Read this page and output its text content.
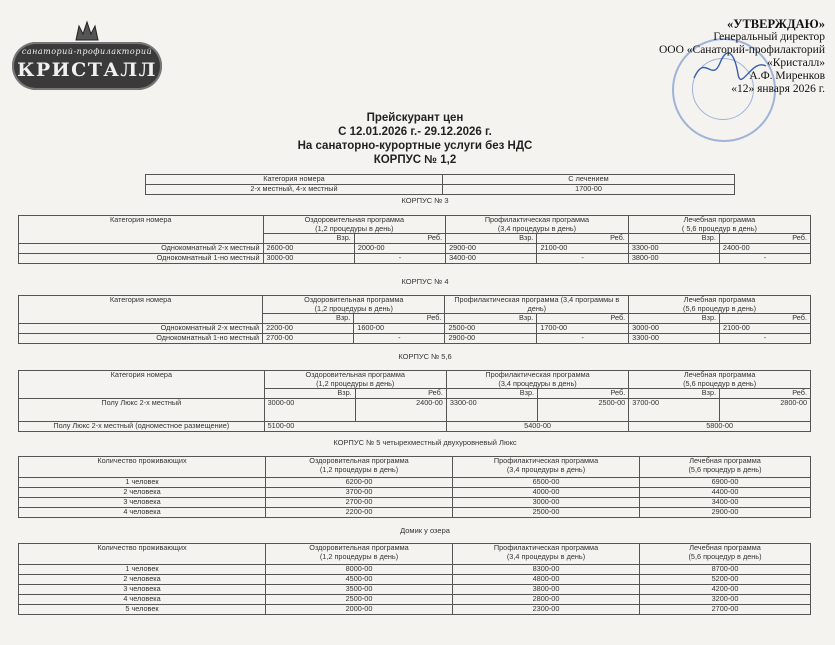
санаторий-профилакторий
КРИСТАЛЛ
«УТВЕРЖДАЮ»
Генеральный директор
ООО «Санаторий-профилакторий
«Кристалл»
А.Ф. Миренков
«12» января 2026 г.
Прейскурант цен
С 12.01.2026 г.- 29.12.2026 г.
На санаторно-курортные услуги без НДС
КОРПУС № 1,2
Категория номера	С лечением
2-х местный, 4-х местный	1700-00
КОРПУС № 3
Категория номера	Оздоровительная программа
(1,2 процедуры в день)		Профилактическая программа
(3,4 процедуры в день)		Лечебная программа
( 5,6 процедур в день)	
	Взр.	Реб.	Взр.	Реб.	Взр.	Реб.
Однокомнатный 2-х местный	2600-00	2000-00	2900-00	2100-00	3300-00	2400-00
Однокомнатный 1-но местный	3000-00	-	3400-00	-	3800-00	-
КОРПУС № 4
Категория номера	Оздоровительная программа
(1,2 процедуры в день)		Профилактическая программа (3,4 программы в
день)		Лечебная программа
(5,6 процедур в день)	
	Взр.	Реб.	Взр.	Реб.	Взр.	Реб.
Однокомнатный 2-х местный	2200-00	1600-00	2500-00	1700-00	3000-00	2100-00
Однокомнатный 1-но местный	2700-00	-	2900-00	-	3300-00	-
КОРПУС № 5,6
Категория номера	Оздоровительная программа
(1,2 процедуры в день)		Профилактическая программа
(3,4 процедуры в день)		Лечебная программа
(5,6 процедур в день)	
	Взр.	Реб.	Взр.	Реб.	Взр.	Реб.
Полу Люкс 2-х местный	3000-00	2400-00	3300-00	2500-00	3700-00	2800-00
Полу Люкс 2-х местный (одноместное размещение)	5100-00		5400-00		5800-00	
КОРПУС № 5 четырехместный двухуровневый Люкс
Количество проживающих	Оздоровительная программа
(1,2 процедуры в день)	Профилактическая программа
(3,4 процедуры в день)	Лечебная программа
(5,6 процедур в день)
1 человек	6200-00	6500-00	6900-00
2 человека	3700-00	4000-00	4400-00
3 человека	2700-00	3000-00	3400-00
4 человека	2200-00	2500-00	2900-00
Домик у озера
Количество проживающих	Оздоровительная программа
(1,2 процедуры в день)	Профилактическая программа
(3,4 процедуры в день)	Лечебная программа
(5,6 процедур в день)
1 человек	8000-00	8300-00	8700-00
2 человека	4500-00	4800-00	5200-00
3 человека	3500-00	3800-00	4200-00
4 человека	2500-00	2800-00	3200-00
5 человек	2000-00	2300-00	2700-00
